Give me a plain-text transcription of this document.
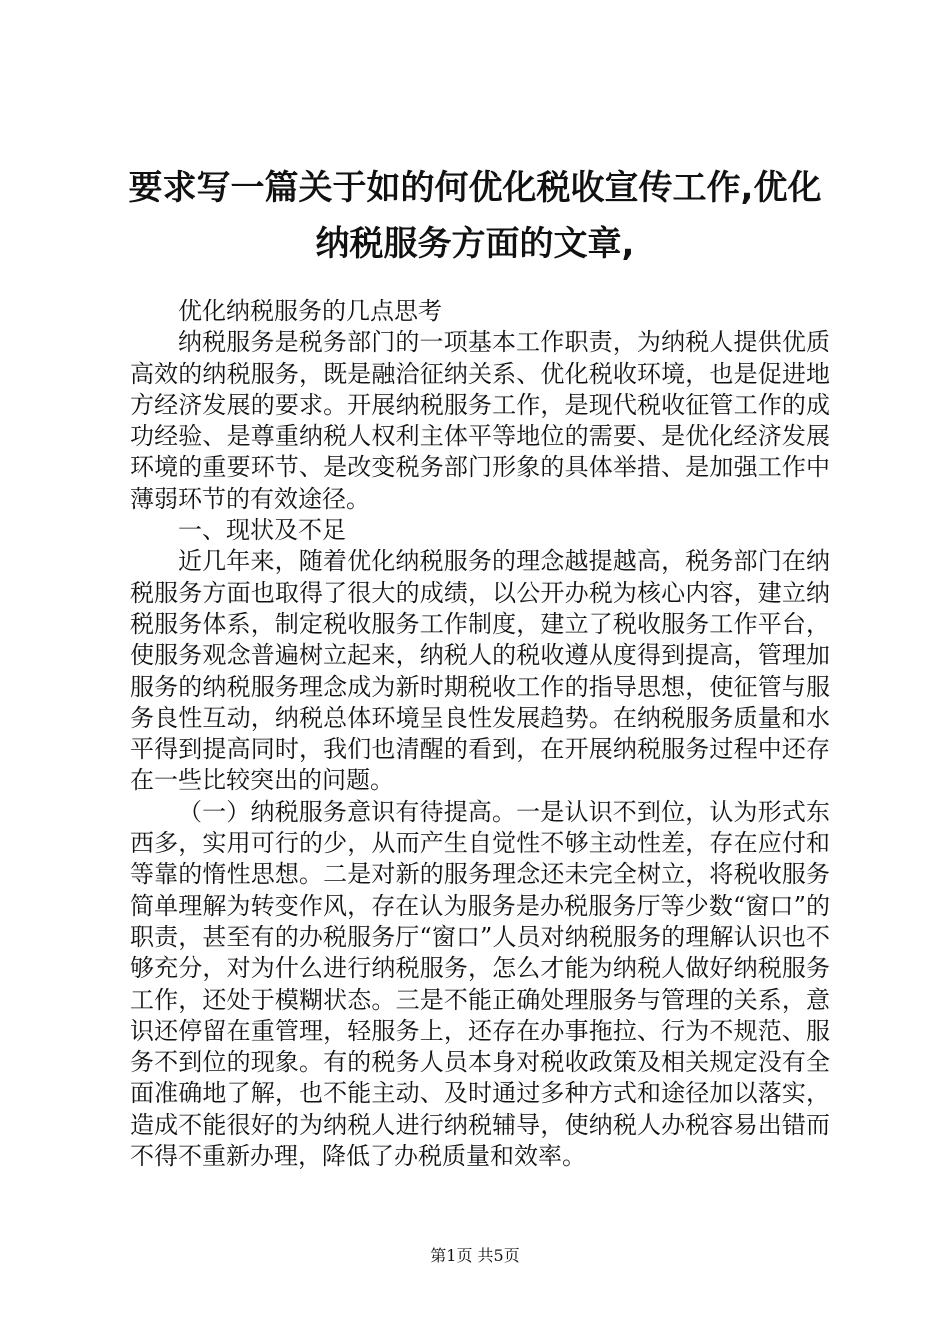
要求写一篇关于如的何优化税收宣传工作,优化纳税服务方面的文章,

优化纳税服务的几点思考

纳税服务是税务部门的一项基本工作职责，为纳税人提供优质高效的纳税服务，既是融洽征纳关系、优化税收环境，也是促进地方经济发展的要求。开展纳税服务工作，是现代税收征管工作的成功经验、是尊重纳税人权利主体平等地位的需要、是优化经济发展环境的重要环节、是改变税务部门形象的具体举措、是加强工作中薄弱环节的有效途径。

一、现状及不足

近几年来，随着优化纳税服务的理念越提越高，税务部门在纳税服务方面也取得了很大的成绩，以公开办税为核心内容，建立纳税服务体系，制定税收服务工作制度，建立了税收服务工作平台，使服务观念普遍树立起来，纳税人的税收遵从度得到提高，管理加服务的纳税服务理念成为新时期税收工作的指导思想，使征管与服务良性互动，纳税总体环境呈良性发展趋势。在纳税服务质量和水平得到提高同时，我们也清醒的看到，在开展纳税服务过程中还存在一些比较突出的问题。

（一）纳税服务意识有待提高。一是认识不到位，认为形式东西多，实用可行的少，从而产生自觉性不够主动性差，存在应付和等靠的惰性思想。二是对新的服务理念还未完全树立，将税收服务简单理解为转变作风，存在认为服务是办税服务厅等少数“窗口”的职责，甚至有的办税服务厅“窗口”人员对纳税服务的理解认识也不够充分，对为什么进行纳税服务，怎么才能为纳税人做好纳税服务工作，还处于模糊状态。三是不能正确处理服务与管理的关系，意识还停留在重管理，轻服务上，还存在办事拖拉、行为不规范、服务不到位的现象。有的税务人员本身对税收政策及相关规定没有全面准确地了解，也不能主动、及时通过多种方式和途径加以落实，造成不能很好的为纳税人进行纳税辅导，使纳税人办税容易出错而不得不重新办理，降低了办税质量和效率。

第1页 共5页
